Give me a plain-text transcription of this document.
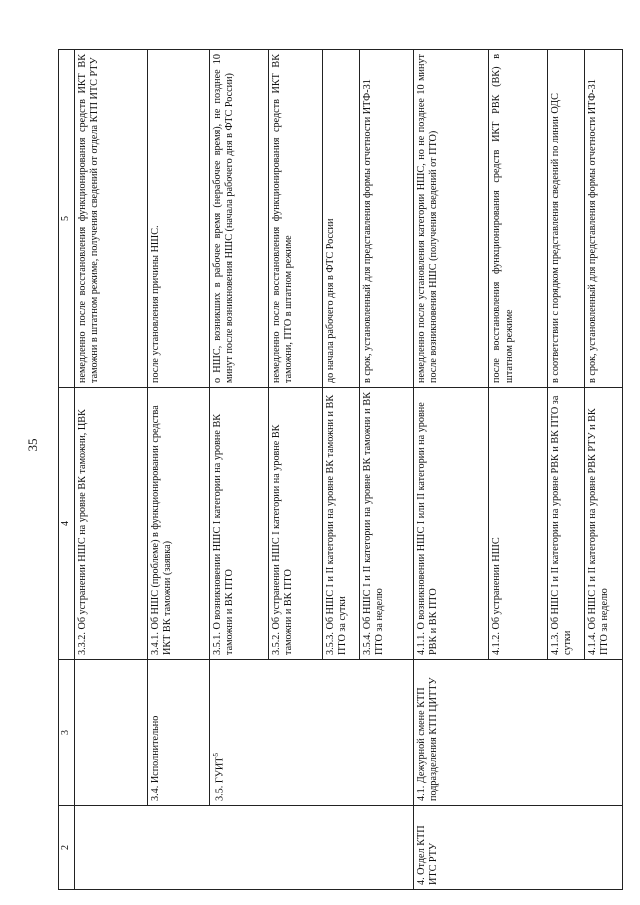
35
2	3	4	5
		3.3.2. Об устранении НШС на уровне ВК таможни, ЦВК	немедленно после восстановления функционирования средств ИКТ ВК таможни в штатном режиме, получения сведений от отдела КТП ИТС РТУ
	3.4. Исполнительно	3.4.1. Об НШС (проблеме) в функционировании средства ИКТ ВК таможни (заявка)	после установления причины НШС.
	3.5. ГУИТ$^5$	3.5.1. О возникновении НШС I категории на уровне ВК таможни и ВК ПТО	о НШС, возникших в рабочее время (нерабочее время), не позднее 10 минут после возникновения НШС (начала рабочего дня в ФТС России)
		3.5.2. Об устранении НШС I категории на уровне ВК таможни и ВК ПТО	немедленно после восстановления функционирования средств ИКТ ВК таможни, ПТО в штатном режиме
		3.5.3. Об НШС I и II категории на уровне ВК таможни и ВК ПТО за сутки	до начала рабочего дня в ФТС России
		3.5.4. Об НШС I и II категории на уровне ВК таможни и ВК ПТО за неделю	в срок, установленный для представления формы отчетности ИТФ-31
4. Отдел КТП ИТС РТУ	4.1. Дежурной смене КТП подразделения КТП ЦИТТУ	4.1.1. О возникновении НШС I или II категории на уровне РВК и ВК ПТО	немедленно после установления категории НШС, но не позднее 10 минут после возникновения НШС (получения сведений от ПТО)
		4.1.2. Об устранении НШС	после восстановления функционирования средств ИКТ РВК (ВК) в штатном режиме
		4.1.3. Об НШС I и II категории на уровне РВК и ВК ПТО за сутки	в соответствии с порядком представления сведений по линии ОДС
		4.1.4. Об НШС I и II категории на уровне РВК РТУ и ВК ПТО за неделю	в срок, установленный для представления формы отчетности ИТФ-31
